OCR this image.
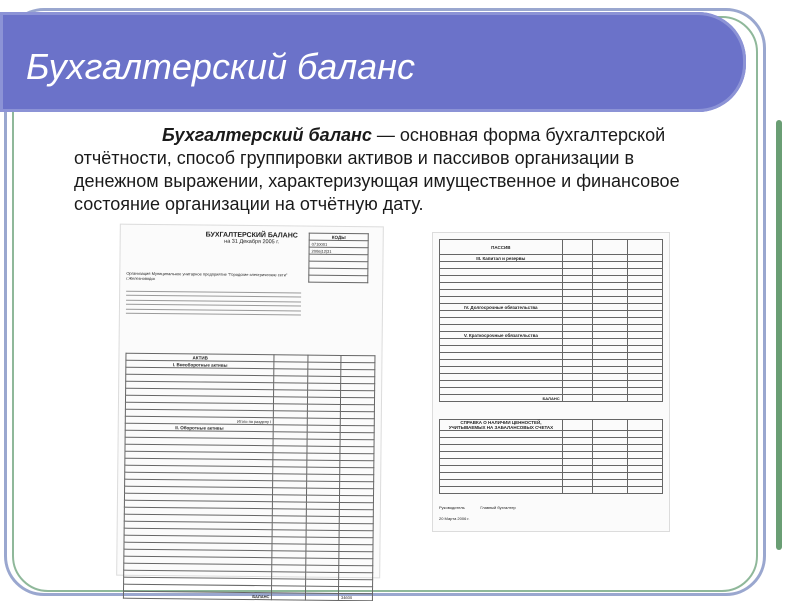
Бухгалтерский баланс
Бухгалтерский баланс — основная форма бухгалтерской отчётности, способ группировки активов и пассивов организации в денежном выражении, характеризующая имущественное и финансовое состояние организации на отчётную дату.
БУХГАЛТЕРСКИЙ БАЛАНС
на 31 Декабря 2005 г.
КОДЫ
0710001
2006|12|31

Организация Муниципальное унитарное предприятие "Городские электрические сети" г.Железноводск
АКТИВ			
I. Внеоборотные активы			

Итого по разделу I			
II. Оборотные активы			

БАЛАНС			34600
ПАССИВ			
III. Капитал и резервы			

IV. Долгосрочные обязательства			

V. Краткосрочные обязательства			

БАЛАНС			
СПРАВКА О НАЛИЧИИ ЦЕННОСТЕЙ, УЧИТЫВАЕМЫХ НА ЗАБАЛАНСОВЫХ СЧЕТАХ			

Руководитель	Главный бухгалтер
20 Марта 2006 г.
